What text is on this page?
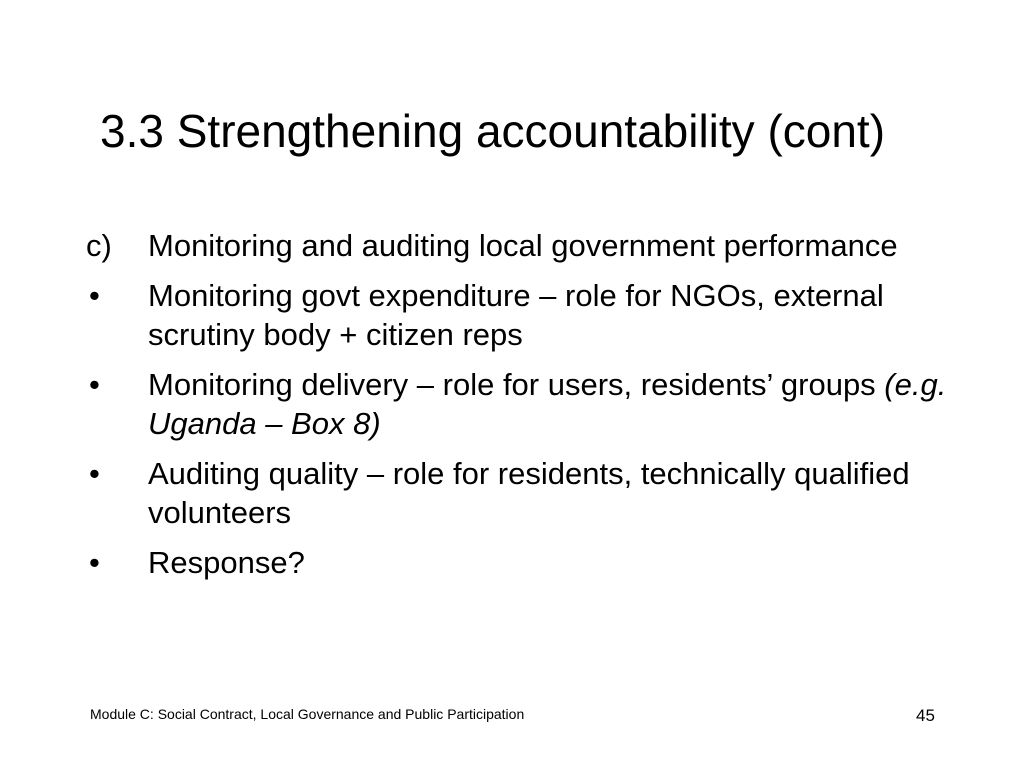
3.3 Strengthening accountability (cont)
c)	Monitoring and auditing local government performance
•	Monitoring govt expenditure – role for NGOs, external scrutiny body + citizen reps
•	Monitoring delivery – role for users, residents’ groups (e.g. Uganda – Box 8)
•	Auditing quality – role for residents, technically qualified volunteers
•	Response?
Module C: Social Contract, Local Governance and Public Participation	45
